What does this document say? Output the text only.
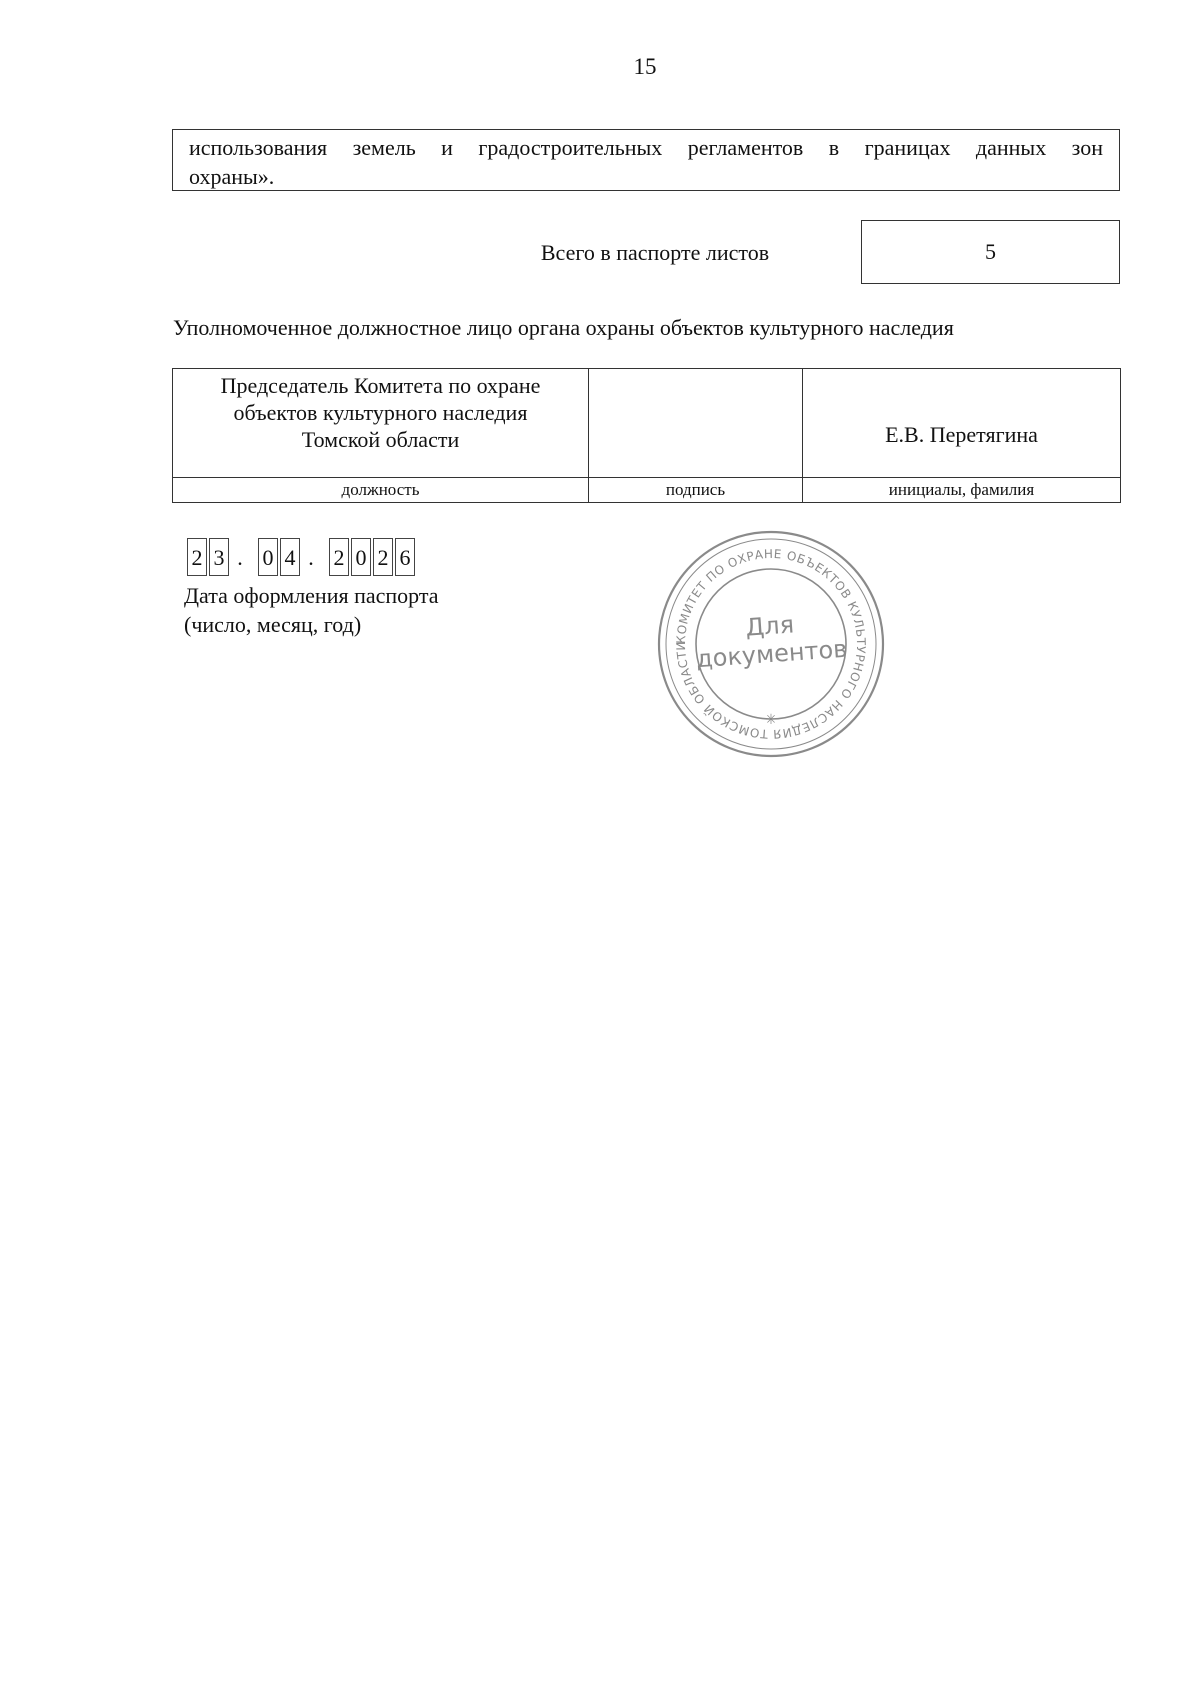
15
использования земель и градостроительных регламентов в границах данных зон
охраны».
Всего в паспорте листов	5
Уполномоченное должностное лицо органа охраны объектов культурного наследия
Председатель Комитета по охране
объектов культурного наследия
Томской области		Е.В. Перетягина
должность	подпись	инициалы, фамилия
2 3 . 0 4 . 2 0 2 6
Дата оформления паспорта
(число, месяц, год)
КОМИТЕТ ПО ОХРАНЕ ОБЪЕКТОВ КУЛЬТУРНОГО НАСЛЕДИЯ ТОМСКОЙ ОБЛАСТИ
✳
Для
документов
